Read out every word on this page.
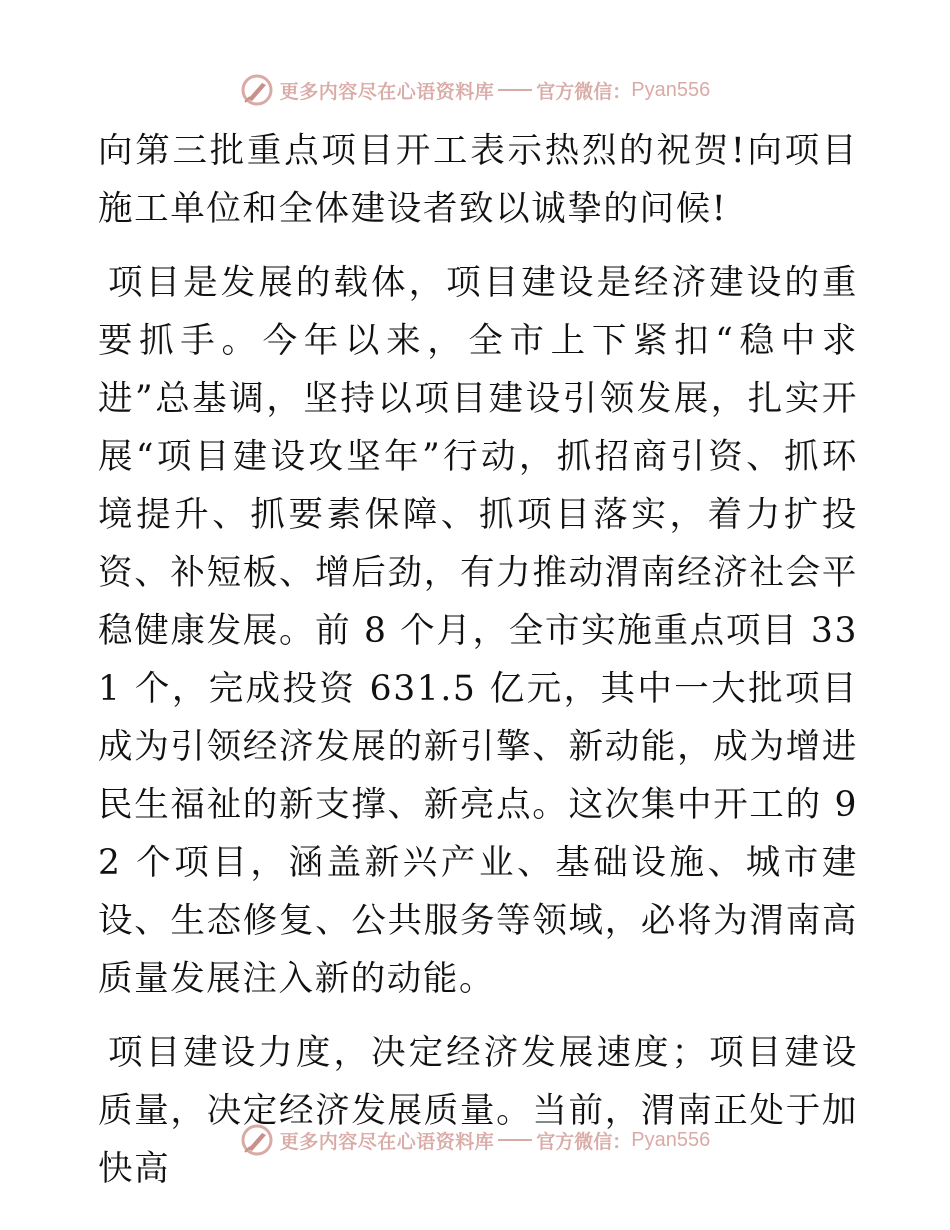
更多内容尽在心语资料库 官方微信： Pyan556

向第三批重点项目开工表示热烈的祝贺!向项目施工单位和全体建设者致以诚挚的问候!

项目是发展的载体，项目建设是经济建设的重要抓手。今年以来，全市上下紧扣“稳中求进”总基调，坚持以项目建设引领发展，扎实开展“项目建设攻坚年”行动，抓招商引资、抓环境提升、抓要素保障、抓项目落实，着力扩投资、补短板、增后劲，有力推动渭南经济社会平稳健康发展。前 8 个月，全市实施重点项目 331 个，完成投资 631.5 亿元，其中一大批项目成为引领经济发展的新引擎、新动能，成为增进民生福祉的新支撑、新亮点。这次集中开工的 92 个项目，涵盖新兴产业、基础设施、城市建设、生态修复、公共服务等领域，必将为渭南高质量发展注入新的动能。

项目建设力度，决定经济发展速度；项目建设质量，决定经济发展质量。当前，渭南正处于加快高

更多内容尽在心语资料库 官方微信： Pyan556
